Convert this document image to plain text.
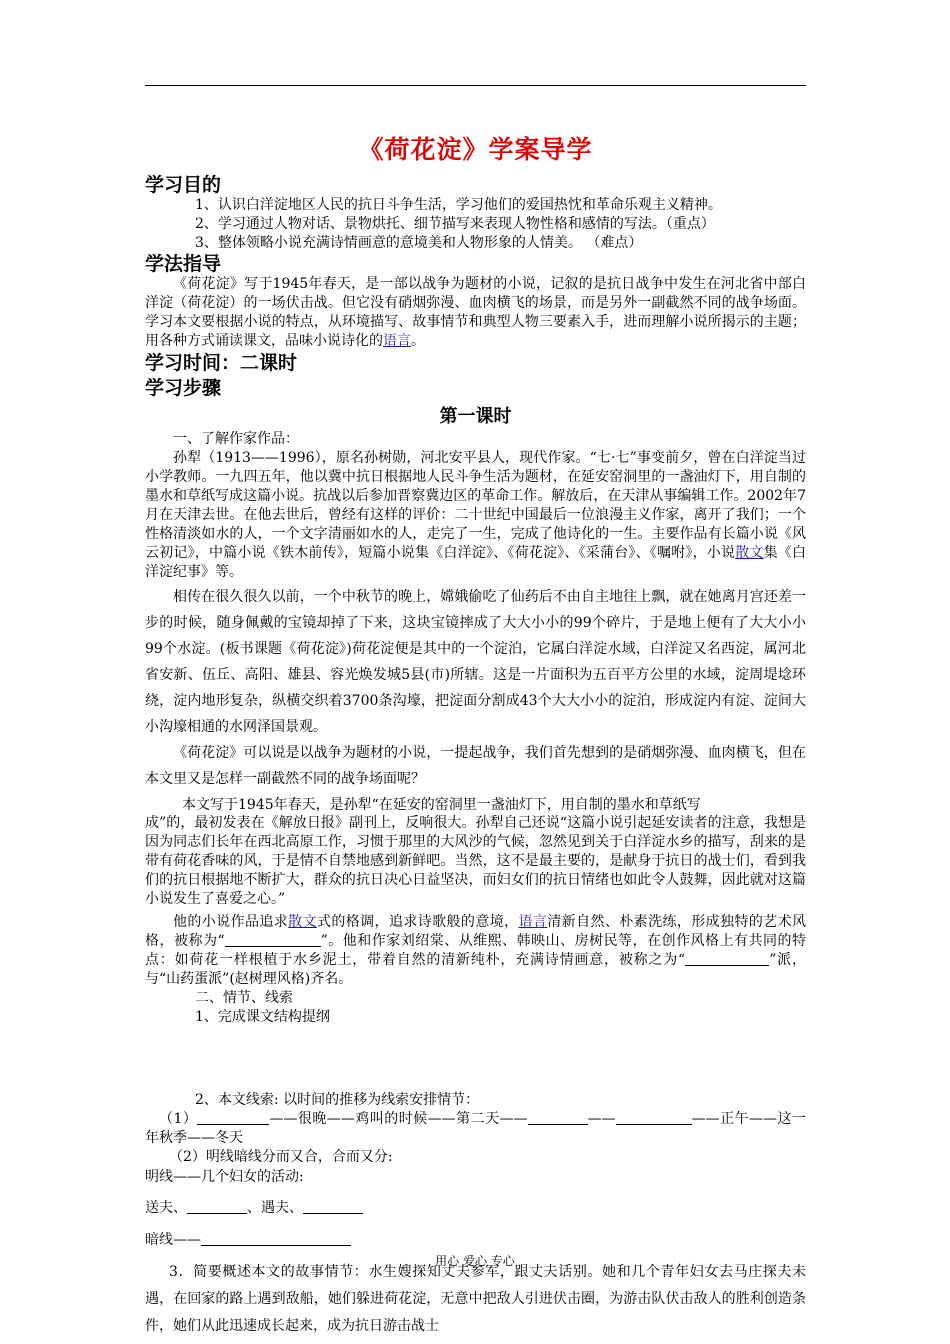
《荷花淀》学案导学
学习目的

1、认识白洋淀地区人民的抗日斗争生活，学习他们的爱国热忱和革命乐观主义精神。

2、学习通过人物对话、景物烘托、细节描写来表现人物性格和感情的写法。（重点）

3、整体领略小说充满诗情画意的意境美和人物形象的人情美。 （难点）

学法指导

《荷花淀》写于1945年春天，是一部以战争为题材的小说，记叙的是抗日战争中发生在河北省中部白洋淀（荷花淀）的一场伏击战。但它没有硝烟弥漫、血肉横飞的场景，而是另外一副截然不同的战争场面。学习本文要根据小说的特点，从环境描写、故事情节和典型人物三要素入手，进而理解小说所揭示的主题；用各种方式诵读课文，品味小说诗化的语言。

学习时间：二课时
学习步骤
第一课时

一、了解作家作品：

孙犁（1913——1996），原名孙树勋，河北安平县人，现代作家。“七·七”事变前夕，曾在白洋淀当过小学教师。一九四五年，他以冀中抗日根据地人民斗争生活为题材，在延安窑洞里的一盏油灯下，用自制的墨水和草纸写成这篇小说。抗战以后参加晋察冀边区的革命工作。解放后，在天津从事编辑工作。2002年7月在天津去世。在他去世后，曾经有这样的评价：二十世纪中国最后一位浪漫主义作家，离开了我们；一个性格清淡如水的人，一个文字清丽如水的人，走完了一生，完成了他诗化的一生。主要作品有长篇小说《风云初记》，中篇小说《铁木前传》，短篇小说集《白洋淀》、《荷花淀》、《采蒲台》、《嘱咐》，小说散文集《白洋淀纪事》等。

相传在很久很久以前，一个中秋节的晚上，嫦娥偷吃了仙药后不由自主地往上飘，就在她离月宫还差一步的时候，随身佩戴的宝镜却掉了下来，这块宝镜摔成了大大小小的99个碎片，于是地上便有了大大小小99个水淀。(板书课题《荷花淀》)荷花淀便是其中的一个淀泊，它属白洋淀水域，白洋淀又名西淀，属河北省安新、伍丘、高阳、雄县、容光焕发城5县(市)所辖。这是一片面积为五百平方公里的水域，淀周堤埝环绕，淀内地形复杂，纵横交织着3700条沟壕，把淀面分割成43个大大小小的淀泊，形成淀内有淀、淀间大小沟壕相通的水网泽国景观。

《荷花淀》可以说是以战争为题材的小说，一提起战争，我们首先想到的是硝烟弥漫、血肉横飞，但在本文里又是怎样一副截然不同的战争场面呢？

本文写于1945年春天，是孙犁“在延安的窑洞里一盏油灯下，用自制的墨水和草纸写

成”的，最初发表在《解放日报》副刊上，反响很大。孙犁自己还说“这篇小说引起延安读者的注意，我想是因为同志们长年在西北高原工作，习惯于那里的大风沙的气候，忽然见到关于白洋淀水乡的描写，刮来的是带有荷花香味的风，于是情不自禁地感到新鲜吧。当然，这不是最主要的，是献身于抗日的战士们，看到我们的抗日根据地不断扩大，群众的抗日决心日益坚决，而妇女们的抗日情绪也如此令人鼓舞，因此就对这篇小说发生了喜爱之心。”

他的小说作品追求散文式的格调，追求诗歌般的意境，语言清新自然、朴素洗练，形成独特的艺术风格，被称为“	”。他和作家刘绍棠、从维熙、韩映山、房树民等，在创作风格上有共同的特点：如荷花一样根植于水乡泥土，带着自然的清新纯朴，充满诗情画意，被称之为“	”派，与“山药蛋派”(赵树理风格)齐名。

二、情节、线索

1、完成课文结构提纲

2、本文线索: 以时间的推移为线索安排情节：

（1）	——很晚——鸡叫的时候——第二天——	——	——正午——这一年秋季——冬天

（2）明线暗线分而又合，合而又分:

明线——几个妇女的活动:

送夫、	、遇夫、

暗线——

3．简要概述本文的故事情节：水生嫂探知丈夫参军，跟丈夫话别。她和几个青年妇女去马庄探夫未遇，在回家的路上遇到敌船，她们躲进荷花淀，无意中把敌人引进伏击圈，为游击队伏击敌人的胜利创造条件，她们从此迅速成长起来，成为抗日游击战士

用心 爱心 专心
